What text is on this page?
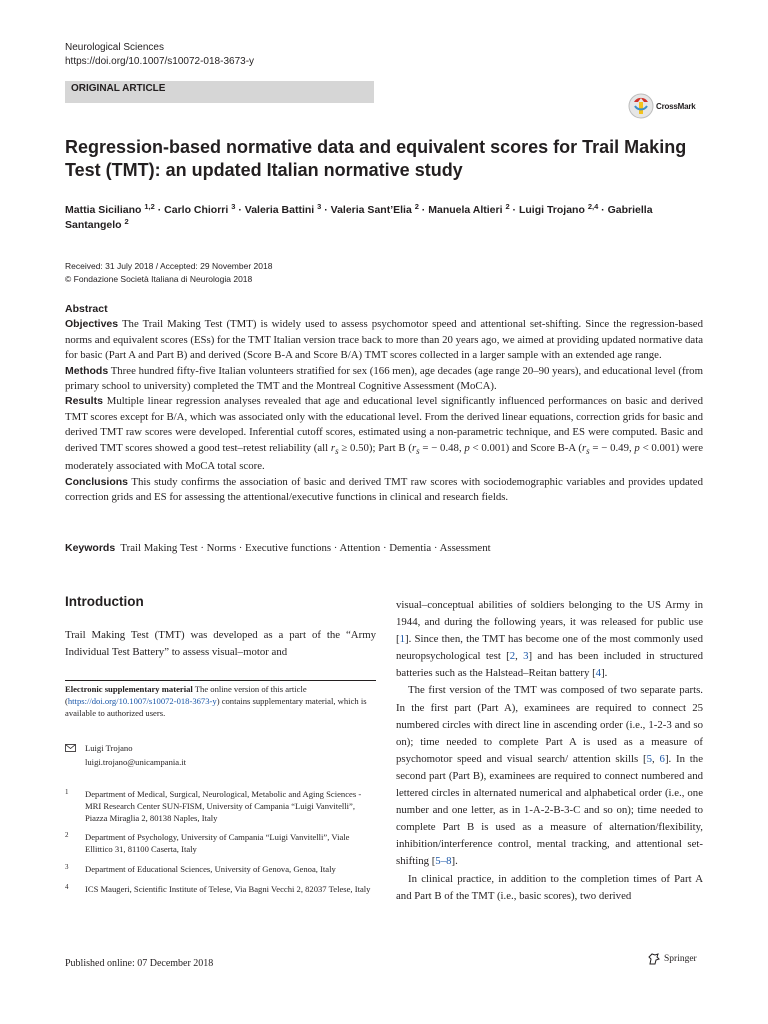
Neurological Sciences
https://doi.org/10.1007/s10072-018-3673-y
ORIGINAL ARTICLE
CrossMark
Regression-based normative data and equivalent scores for Trail Making Test (TMT): an updated Italian normative study
Mattia Siciliano $^{1,2}$ · Carlo Chiorri $^3$ · Valeria Battini $^3$ · Valeria Sant’Elia $^2$ · Manuela Altieri $^2$ · Luigi Trojano $^{2,4}$ · Gabriella Santangelo $^2$
Received: 31 July 2018 / Accepted: 29 November 2018
© Fondazione Società Italiana di Neurologia 2018

Abstract

Objectives The Trail Making Test (TMT) is widely used to assess psychomotor speed and attentional set-shifting. Since the regression-based norms and equivalent scores (ESs) for the TMT Italian version trace back to more than 20 years ago, we aimed at providing updated normative data for basic (Part A and Part B) and derived (Score B-A and Score B/A) TMT scores collected in a larger sample with an extended age range.

Methods Three hundred fifty-five Italian volunteers stratified for sex (166 men), age decades (age range 20–90 years), and educational level (from primary school to university) completed the TMT and the Montreal Cognitive Assessment (MoCA).

Results Multiple linear regression analyses revealed that age and educational level significantly influenced performances on basic and derived TMT scores except for B/A, which was associated only with the educational level. From the derived linear equations, correction grids for basic and derived TMT raw scores were developed. Inferential cutoff scores, estimated using a non-parametric technique, and ES were computed. Basic and derived TMT scores showed a good test–retest reliability (all $r_s \ge 0.50$); Part B ($r_s$ = − 0.48, p < 0.001) and Score B-A ($r_s$ = − 0.49, p < 0.001) were moderately associated with MoCA total score.

Conclusions This study confirms the association of basic and derived TMT raw scores with sociodemographic variables and provides updated correction grids and ES for assessing the attentional/executive functions in clinical and research fields.

Keywords Trail Making Test · Norms · Executive functions · Attention · Dementia · Assessment
Introduction
Trail Making Test (TMT) was developed as a part of the “Army Individual Test Battery” to assess visual–motor and
Electronic supplementary material The online version of this article (https://doi.org/10.1007/s10072-018-3673-y) contains supplementary material, which is available to authorized users.
Luigi Trojano
luigi.trojano@unicampania.it
1 Department of Medical, Surgical, Neurological, Metabolic and Aging Sciences - MRI Research Center SUN-FISM, University of Campania “Luigi Vanvitelli”, Piazza Miraglia 2, 80138 Naples, Italy
2 Department of Psychology, University of Campania “Luigi Vanvitelli”, Viale Ellittico 31, 81100 Caserta, Italy
3 Department of Educational Sciences, University of Genova, Genoa, Italy
4 ICS Maugeri, Scientific Institute of Telese, Via Bagni Vecchi 2, 82037 Telese, Italy

visual–conceptual abilities of soldiers belonging to the US Army in 1944, and during the following years, it was released for public use [1]. Since then, the TMT has become one of the most commonly used neuropsychological test [2, 3] and has been included in structured batteries such as the Halstead–Reitan battery [4].

The first version of the TMT was composed of two separate parts. In the first part (Part A), examinees are required to connect 25 numbered circles with direct line in ascending order (i.e., 1-2-3 and so on); time needed to complete Part A is used as a measure of psychomotor speed and visual search/ attention skills [5, 6]. In the second part (Part B), examinees are required to connect numbered and lettered circles in alternated numerical and alphabetical order (i.e., one number and one letter, as in 1-A-2-B-3-C and so on); time needed to complete Part B is used as a measure of alternation/flexibility, inhibition/interference control, mental tracking, and attentional set-shifting [5–8].

In clinical practice, in addition to the completion times of Part A and Part B of the TMT (i.e., basic scores), two derived

Published online: 07 December 2018	Springer
